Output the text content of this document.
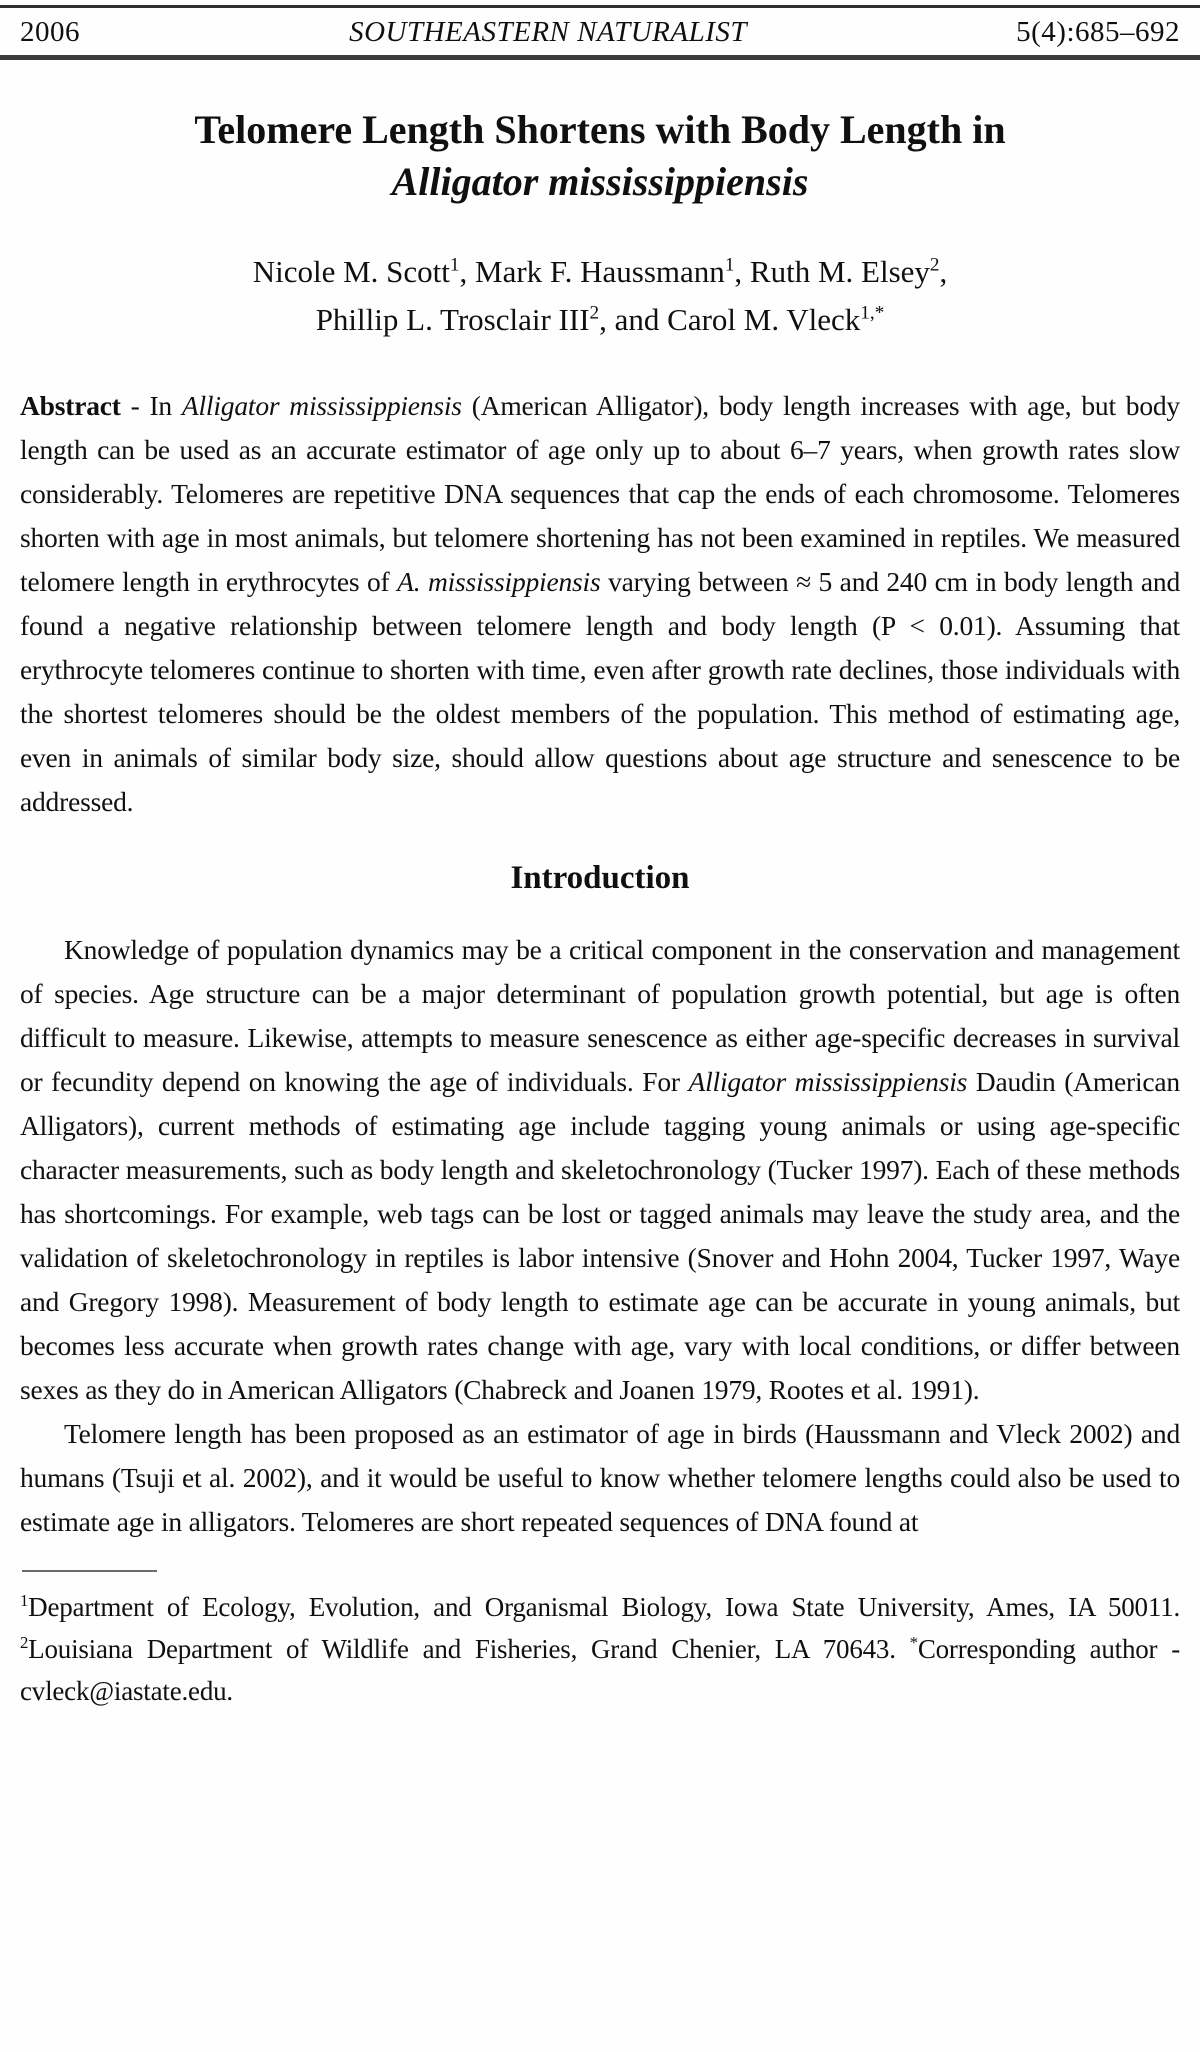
2006	SOUTHEASTERN NATURALIST	5(4):685–692
Telomere Length Shortens with Body Length in
Alligator mississippiensis
Nicole M. Scott$^1$, Mark F. Haussmann$^1$, Ruth M. Elsey$^2$,
Phillip L. Trosclair III$^2$, and Carol M. Vleck$^{1,*}$

Abstract - In Alligator mississippiensis (American Alligator), body length increases with age, but body length can be used as an accurate estimator of age only up to about 6–7 years, when growth rates slow considerably. Telomeres are repetitive DNA sequences that cap the ends of each chromosome. Telomeres shorten with age in most animals, but telomere shortening has not been examined in reptiles. We measured telomere length in erythrocytes of A. mississippiensis varying between ≈ 5 and 240 cm in body length and found a negative relationship between telomere length and body length (P < 0.01). Assuming that erythrocyte telomeres continue to shorten with time, even after growth rate declines, those individuals with the shortest telomeres should be the oldest members of the population. This method of estimating age, even in animals of similar body size, should allow questions about age structure and senescence to be addressed.

Introduction

Knowledge of population dynamics may be a critical component in the conservation and management of species. Age structure can be a major determinant of population growth potential, but age is often difficult to measure. Likewise, attempts to measure senescence as either age-specific decreases in survival or fecundity depend on knowing the age of individuals. For Alligator mississippiensis Daudin (American Alligators), current methods of estimating age include tagging young animals or using age-specific character measurements, such as body length and skeletochronology (Tucker 1997). Each of these methods has shortcomings. For example, web tags can be lost or tagged animals may leave the study area, and the validation of skeletochronology in reptiles is labor intensive (Snover and Hohn 2004, Tucker 1997, Waye and Gregory 1998). Measurement of body length to estimate age can be accurate in young animals, but becomes less accurate when growth rates change with age, vary with local conditions, or differ between sexes as they do in American Alligators (Chabreck and Joanen 1979, Rootes et al. 1991).

Telomere length has been proposed as an estimator of age in birds (Haussmann and Vleck 2002) and humans (Tsuji et al. 2002), and it would be useful to know whether telomere lengths could also be used to estimate age in alligators. Telomeres are short repeated sequences of DNA found at

$^1$Department of Ecology, Evolution, and Organismal Biology, Iowa State University, Ames, IA 50011. $^2$Louisiana Department of Wildlife and Fisheries, Grand Chenier, LA 70643. *Corresponding author - cvleck@iastate.edu.
